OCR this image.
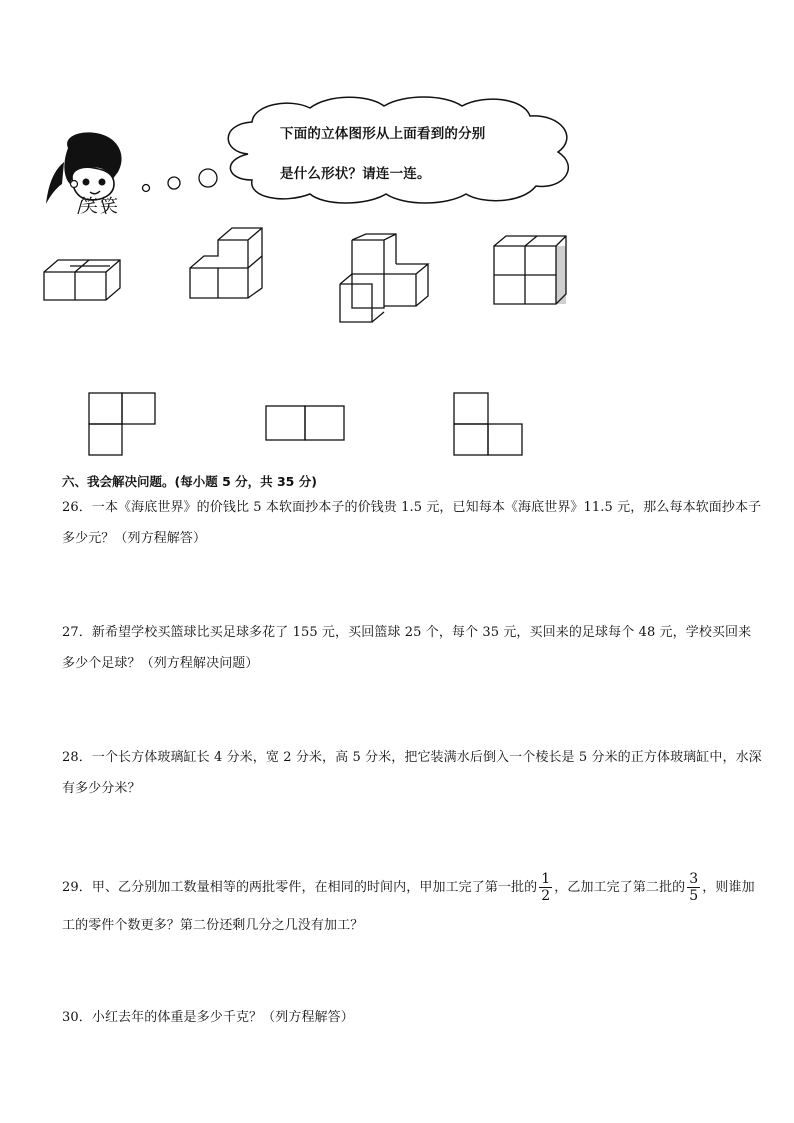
笑笑
下面的立体图形从上面看到的分别
是什么形状？请连一连。
六、我会解决问题。(每小题 5 分，共 35 分)
26．一本《海底世界》的价钱比 5 本软面抄本子的价钱贵 1.5 元，已知每本《海底世界》11.5 元，那么每本软面抄本子多少元？（列方程解答）
27．新希望学校买篮球比买足球多花了 155 元，买回篮球 25 个，每个 35 元，买回来的足球每个 48 元，学校买回来多少个足球？（列方程解决问题）
28．一个长方体玻璃缸长 4 分米，宽 2 分米，高 5 分米，把它装满水后倒入一个棱长是 5 分米的正方体玻璃缸中，水深有多少分米？
29．甲、乙分别加工数量相等的两批零件，在相同的时间内，甲加工完了第一批的 $\frac{1}{2}$ ，乙加工完了第二批的 $\frac{3}{5}$ ，则谁加工的零件个数更多？第二份还剩几分之几没有加工？
30．小红去年的体重是多少千克？（列方程解答）
